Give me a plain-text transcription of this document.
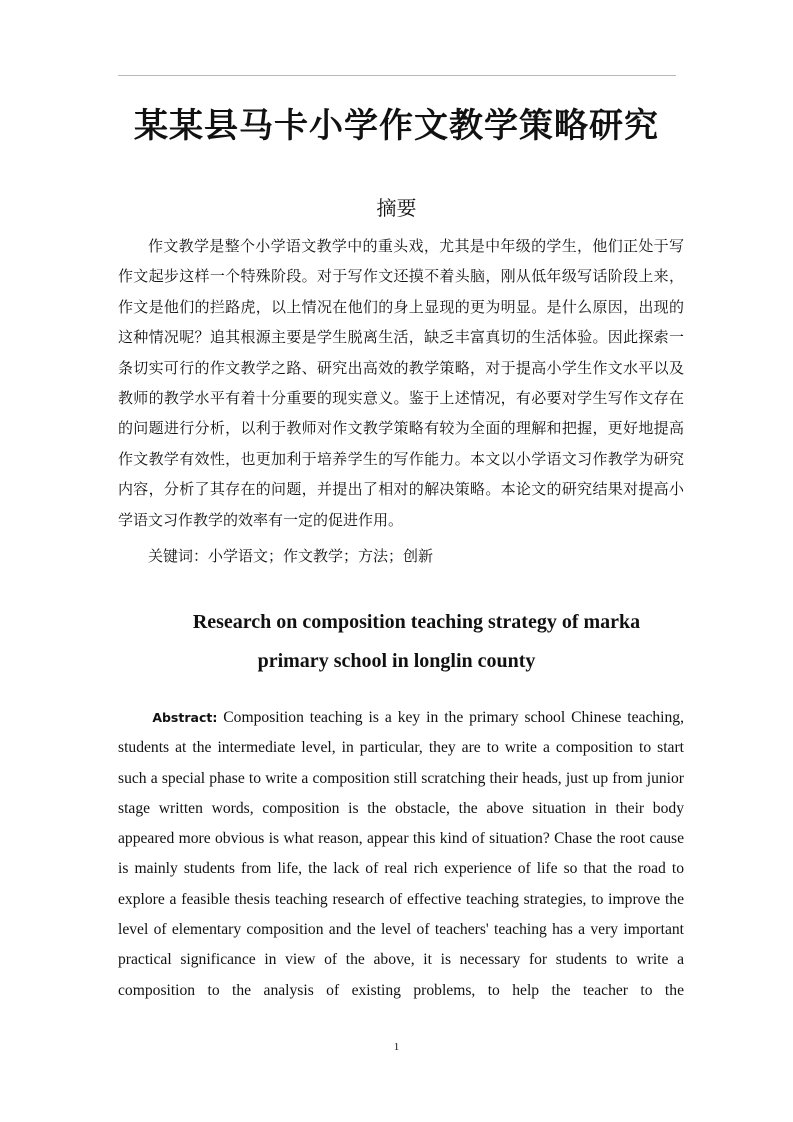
某某县马卡小学作文教学策略研究
摘要

作文教学是整个小学语文教学中的重头戏，尤其是中年级的学生，他们正处于写作文起步这样一个特殊阶段。对于写作文还摸不着头脑，刚从低年级写话阶段上来，作文是他们的拦路虎，以上情况在他们的身上显现的更为明显。是什么原因，出现的这种情况呢？追其根源主要是学生脱离生活，缺乏丰富真切的生活体验。因此探索一条切实可行的作文教学之路、研究出高效的教学策略，对于提高小学生作文水平以及教师的教学水平有着十分重要的现实意义。鉴于上述情况，有必要对学生写作文存在的问题进行分析，以利于教师对作文教学策略有较为全面的理解和把握，更好地提高作文教学有效性，也更加利于培养学生的写作能力。本文以小学语文习作教学为研究内容，分析了其存在的问题，并提出了相对的解决策略。本论文的研究结果对提高小学语文习作教学的效率有一定的促进作用。

关键词：小学语文；作文教学；方法；创新

Research on composition teaching strategy of marka
primary school in longlin county

Abstract: Composition teaching is a key in the primary school Chinese teaching, students at the intermediate level, in particular, they are to write a composition to start such a special phase to write a composition still scratching their heads, just up from junior stage written words, composition is the obstacle, the above situation in their body appeared more obvious is what reason, appear this kind of situation? Chase the root cause is mainly students from life, the lack of real rich experience of life so that the road to explore a feasible thesis teaching research of effective teaching strategies, to improve the level of elementary composition and the level of teachers' teaching has a very important practical significance in view of the above, it is necessary for students to write a composition to the analysis of existing problems, to help the teacher to the

1
